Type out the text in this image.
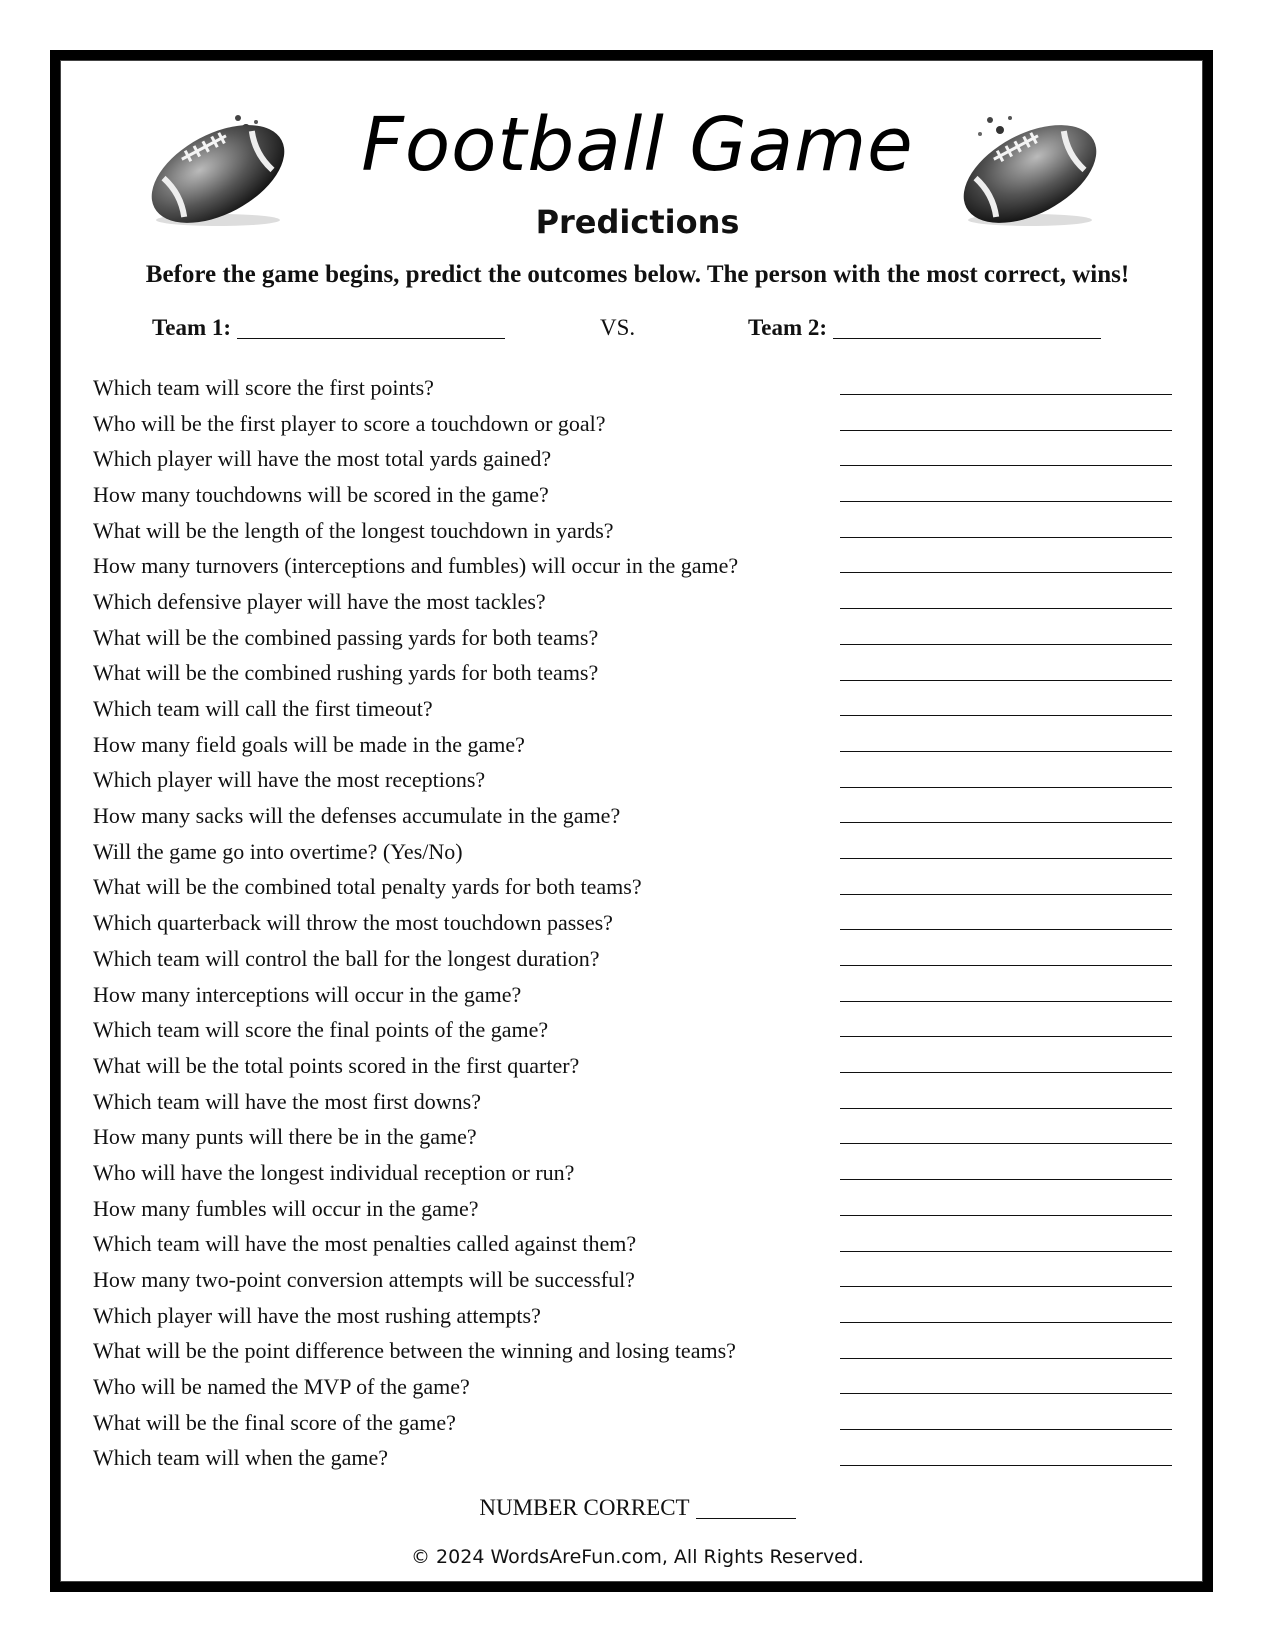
Football Game
Predictions
Before the game begins, predict the outcomes below. The person with the most correct, wins!
Team 1:	VS.	Team 2:
Which team will score the first points?
Who will be the first player to score a touchdown or goal?
Which player will have the most total yards gained?
How many touchdowns will be scored in the game?
What will be the length of the longest touchdown in yards?
How many turnovers (interceptions and fumbles) will occur in the game?
Which defensive player will have the most tackles?
What will be the combined passing yards for both teams?
What will be the combined rushing yards for both teams?
Which team will call the first timeout?
How many field goals will be made in the game?
Which player will have the most receptions?
How many sacks will the defenses accumulate in the game?
Will the game go into overtime? (Yes/No)
What will be the combined total penalty yards for both teams?
Which quarterback will throw the most touchdown passes?
Which team will control the ball for the longest duration?
How many interceptions will occur in the game?
Which team will score the final points of the game?
What will be the total points scored in the first quarter?
Which team will have the most first downs?
How many punts will there be in the game?
Who will have the longest individual reception or run?
How many fumbles will occur in the game?
Which team will have the most penalties called against them?
How many two-point conversion attempts will be successful?
Which player will have the most rushing attempts?
What will be the point difference between the winning and losing teams?
Who will be named the MVP of the game?
What will be the final score of the game?
Which team will when the game?
NUMBER CORRECT
© 2024 WordsAreFun.com, All Rights Reserved.
